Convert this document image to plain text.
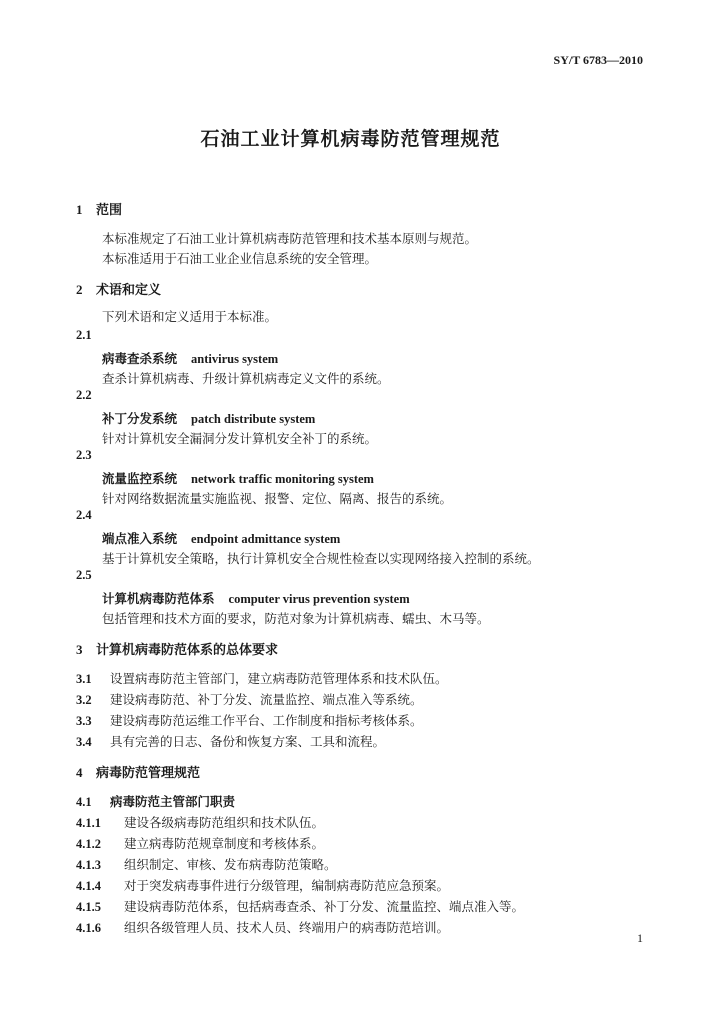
SY/T 6783—2010
石油工业计算机病毒防范管理规范
1 范围
本标准规定了石油工业计算机病毒防范管理和技术基本原则与规范。
本标准适用于石油工业企业信息系统的安全管理。
2 术语和定义
下列术语和定义适用于本标准。
2.1
病毒查杀系统 antivirus system
查杀计算机病毒、升级计算机病毒定义文件的系统。
2.2
补丁分发系统 patch distribute system
针对计算机安全漏洞分发计算机安全补丁的系统。
2.3
流量监控系统 network traffic monitoring system
针对网络数据流量实施监视、报警、定位、隔离、报告的系统。
2.4
端点准入系统 endpoint admittance system
基于计算机安全策略，执行计算机安全合规性检查以实现网络接入控制的系统。
2.5
计算机病毒防范体系 computer virus prevention system
包括管理和技术方面的要求，防范对象为计算机病毒、蠕虫、木马等。
3 计算机病毒防范体系的总体要求
3.1 设置病毒防范主管部门，建立病毒防范管理体系和技术队伍。
3.2 建设病毒防范、补丁分发、流量监控、端点准入等系统。
3.3 建设病毒防范运维工作平台、工作制度和指标考核体系。
3.4 具有完善的日志、备份和恢复方案、工具和流程。
4 病毒防范管理规范
4.1 病毒防范主管部门职责
4.1.1 建设各级病毒防范组织和技术队伍。
4.1.2 建立病毒防范规章制度和考核体系。
4.1.3 组织制定、审核、发布病毒防范策略。
4.1.4 对于突发病毒事件进行分级管理，编制病毒防范应急预案。
4.1.5 建设病毒防范体系，包括病毒查杀、补丁分发、流量监控、端点准入等。
4.1.6 组织各级管理人员、技术人员、终端用户的病毒防范培训。
1
